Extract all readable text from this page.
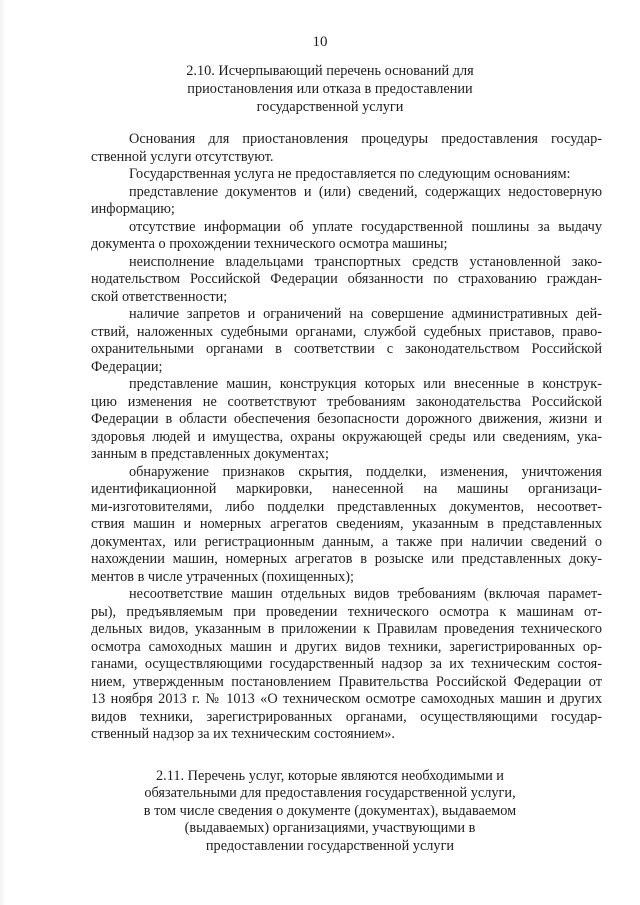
10
2.10. Исчерпывающий перечень оснований для
приостановления или отказа в предоставлении
государственной услуги
Основания для приостановления процедуры предоставления государ-
ственной услуги отсутствуют.
Государственная услуга не предоставляется по следующим основаниям:
представление документов и (или) сведений, содержащих недостоверную
информацию;
отсутствие информации об уплате государственной пошлины за выдачу
документа о прохождении технического осмотра машины;
неисполнение владельцами транспортных средств установленной зако-
нодательством Российской Федерации обязанности по страхованию граждан-
ской ответственности;
наличие запретов и ограничений на совершение административных дей-
ствий, наложенных судебными органами, службой судебных приставов, право-
охранительными органами в соответствии с законодательством Российской
Федерации;
представление машин, конструкция которых или внесенные в конструк-
цию изменения не соответствуют требованиям законодательства Российской
Федерации в области обеспечения безопасности дорожного движения, жизни и
здоровья людей и имущества, охраны окружающей среды или сведениям, ука-
занным в представленных документах;
обнаружение признаков скрытия, подделки, изменения, уничтожения
идентификационной маркировки, нанесенной на машины организаци-
ми-изготовителями, либо подделки представленных документов, несоответ-
ствия машин и номерных агрегатов сведениям, указанным в представленных
документах, или регистрационным данным, а также при наличии сведений о
нахождении машин, номерных агрегатов в розыске или представленных доку-
ментов в числе утраченных (похищенных);
несоответствие машин отдельных видов требованиям (включая парамет-
ры), предъявляемым при проведении технического осмотра к машинам от-
дельных видов, указанным в приложении к Правилам проведения технического
осмотра самоходных машин и других видов техники, зарегистрированных ор-
ганами, осуществляющими государственный надзор за их техническим состоя-
нием, утвержденным постановлением Правительства Российской Федерации от
13 ноября 2013 г. № 1013 «О техническом осмотре самоходных машин и других
видов техники, зарегистрированных органами, осуществляющими государ-
ственный надзор за их техническим состоянием».
2.11. Перечень услуг, которые являются необходимыми и
обязательными для предоставления государственной услуги,
в том числе сведения о документе (документах), выдаваемом
(выдаваемых) организациями, участвующими в
предоставлении государственной услуги
